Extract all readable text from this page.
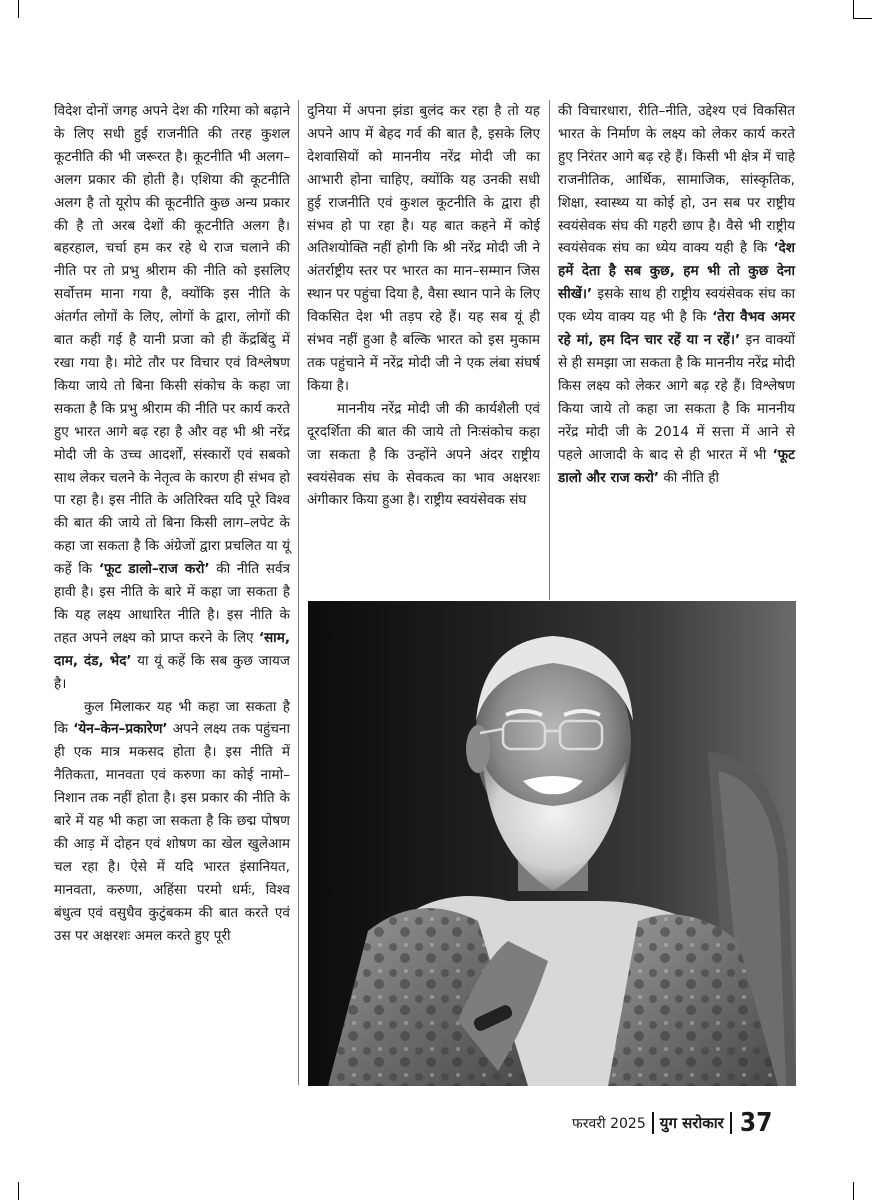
विदेश दोनों जगह अपने देश की गरिमा को बढ़ाने के लिए सधी हुई राजनीति की तरह कुशल कूटनीति की भी जरूरत है। कूटनीति भी अलग–अलग प्रकार की होती है। एशिया की कूटनीति अलग है तो यूरोप की कूटनीति कुछ अन्य प्रकार की है तो अरब देशों की कूटनीति अलग है। बहरहाल, चर्चा हम कर रहे थे राज चलाने की नीति पर तो प्रभु श्रीराम की नीति को इसलिए सर्वोत्तम माना गया है, क्योंकि इस नीति के अंतर्गत लोगों के लिए, लोगों के द्वारा, लोगों की बात कही गई है यानी प्रजा को ही केंद्रबिंदु में रखा गया है। मोटे तौर पर विचार एवं विश्लेषण किया जाये तो बिना किसी संकोच के कहा जा सकता है कि प्रभु श्रीराम की नीति पर कार्य करते हुए भारत आगे बढ़ रहा है और वह भी श्री नरेंद्र मोदी जी के उच्च आदर्शों, संस्कारों एवं सबको साथ लेकर चलने के नेतृत्व के कारण ही संभव हो पा रहा है। इस नीति के अतिरिक्त यदि पूरे विश्व की बात की जाये तो बिना किसी लाग–लपेट के कहा जा सकता है कि अंग्रेजों द्वारा प्रचलित या यूं कहें कि ‘फूट डालो–राज करो’ की नीति सर्वत्र हावी है। इस नीति के बारे में कहा जा सकता है कि यह लक्ष्य आधारित नीति है। इस नीति के तहत अपने लक्ष्य को प्राप्त करने के लिए ‘साम, दाम, दंड, भेद’ या यूं कहें कि सब कुछ जायज है।

कुल मिलाकर यह भी कहा जा सकता है कि ‘येन–केन–प्रकारेण’ अपने लक्ष्य तक पहुंचना ही एक मात्र मकसद होता है। इस नीति में नैतिकता, मानवता एवं करुणा का कोई नामो–निशान तक नहीं होता है। इस प्रकार की नीति के बारे में यह भी कहा जा सकता है कि छद्म पोषण की आड़ में दोहन एवं शोषण का खेल खुलेआम चल रहा है। ऐसे में यदि भारत इंसानियत, मानवता, करुणा, अहिंसा परमो धर्मः, विश्व बंधुत्व एवं वसुधैव कुटुंबकम की बात करते एवं उस पर अक्षरशः अमल करते हुए पूरी

दुनिया में अपना झंडा बुलंद कर रहा है तो यह अपने आप में बेहद गर्व की बात है, इसके लिए देशवासियों को माननीय नरेंद्र मोदी जी का आभारी होना चाहिए, क्योंकि यह उनकी सधी हुई राजनीति एवं कुशल कूटनीति के द्वारा ही संभव हो पा रहा है। यह बात कहने में कोई अतिशयोक्ति नहीं होगी कि श्री नरेंद्र मोदी जी ने अंतर्राष्ट्रीय स्तर पर भारत का मान–सम्मान जिस स्थान पर पहुंचा दिया है, वैसा स्थान पाने के लिए विकसित देश भी तड़प रहे हैं। यह सब यूं ही संभव नहीं हुआ है बल्कि भारत को इस मुकाम तक पहुंचाने में नरेंद्र मोदी जी ने एक लंबा संघर्ष किया है।

माननीय नरेंद्र मोदी जी की कार्यशैली एवं दूरदर्शिता की बात की जाये तो निःसंकोच कहा जा सकता है कि उन्होंने अपने अंदर राष्ट्रीय स्वयंसेवक संघ के सेवकत्व का भाव अक्षरशः अंगीकार किया हुआ है। राष्ट्रीय स्वयंसेवक संघ

की विचारधारा, रीति–नीति, उद्देश्य एवं विकसित भारत के निर्माण के लक्ष्य को लेकर कार्य करते हुए निरंतर आगे बढ़ रहे हैं। किसी भी क्षेत्र में चाहे राजनीतिक, आर्थिक, सामाजिक, सांस्कृतिक, शिक्षा, स्वास्थ्य या कोई हो, उन सब पर राष्ट्रीय स्वयंसेवक संघ की गहरी छाप है। वैसे भी राष्ट्रीय स्वयंसेवक संघ का ध्येय वाक्य यही है कि ‘देश हमें देता है सब कुछ, हम भी तो कुछ देना सीखें।’ इसके साथ ही राष्ट्रीय स्वयंसेवक संघ का एक ध्येय वाक्य यह भी है कि ‘तेरा वैभव अमर रहे मां, हम दिन चार रहें या न रहें।’ इन वाक्यों से ही समझा जा सकता है कि माननीय नरेंद्र मोदी किस लक्ष्य को लेकर आगे बढ़ रहे हैं। विश्लेषण किया जाये तो कहा जा सकता है कि माननीय नरेंद्र मोदी जी के 2014 में सत्ता में आने से पहले आजादी के बाद से ही भारत में भी ‘फूट डालो और राज करो’ की नीति ही

फरवरी 2025 युग सरोकार 37
